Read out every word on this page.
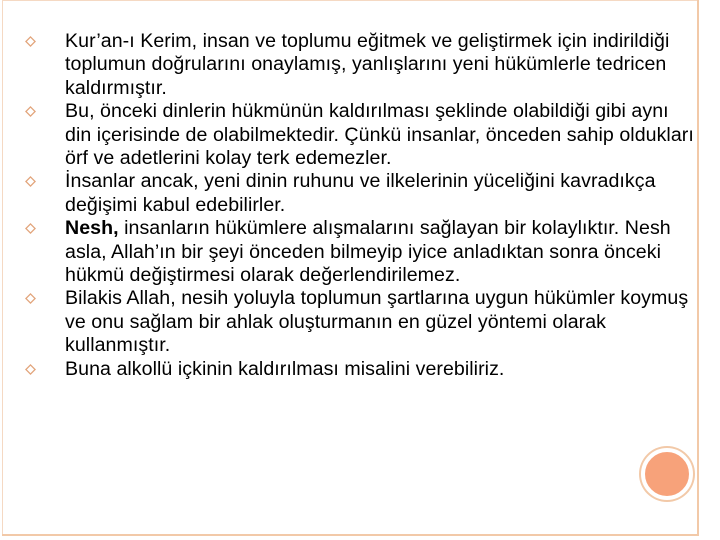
Kur’an-ı Kerim, insan ve toplumu eğitmek ve geliştirmek için indirildiği toplumun doğrularını onaylamış, yanlışlarını yeni hükümlerle tedricen kaldırmıştır.
Bu, önceki dinlerin hükmünün kaldırılması şeklinde olabildiği gibi aynı din içerisinde de olabilmektedir. Çünkü insanlar, önceden sahip oldukları örf ve adetlerini kolay terk edemezler.
İnsanlar ancak, yeni dinin ruhunu ve ilkelerinin yüceliğini kavradıkça değişimi kabul edebilirler.
Nesh, insanların hükümlere alışmalarını sağlayan bir kolaylıktır. Nesh asla, Allah’ın bir şeyi önceden bilmeyip iyice anladıktan sonra önceki hükmü değiştirmesi olarak değerlendirilemez.
Bilakis Allah, nesih yoluyla toplumun şartlarına uygun hükümler koymuş ve onu sağlam bir ahlak oluşturmanın en güzel yöntemi olarak kullanmıştır.
Buna alkollü içkinin kaldırılması misalini verebiliriz.
